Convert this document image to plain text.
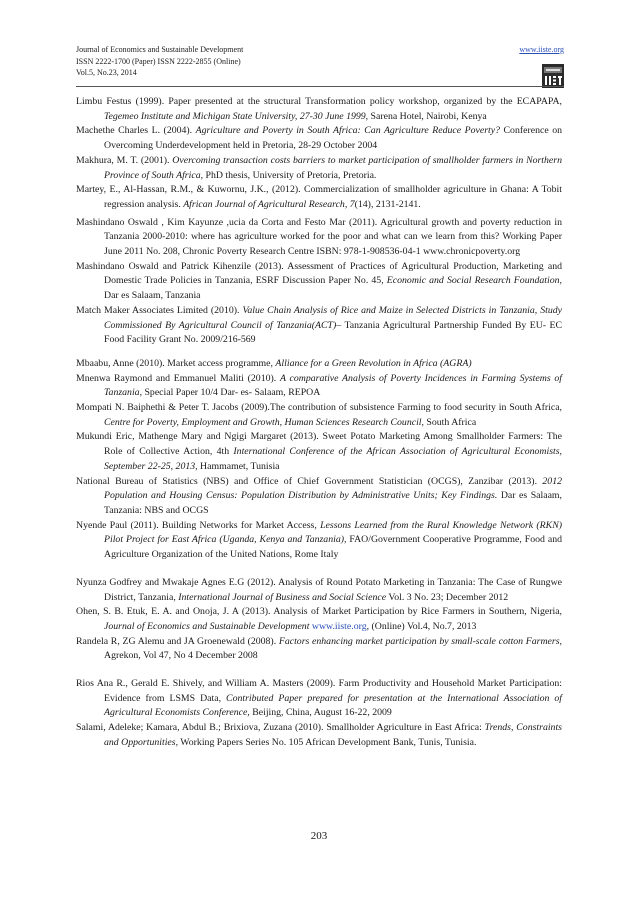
Journal of Economics and Sustainable Development
ISSN 2222-1700 (Paper) ISSN 2222-2855 (Online)
Vol.5, No.23, 2014
www.iiste.org

Limbu Festus (1999). Paper presented at the structural Transformation policy workshop, organized by the ECAPAPA, Tegemeo Institute and Michigan State University, 27-30 June 1999, Sarena Hotel, Nairobi, Kenya

Machethe Charles L. (2004). Agriculture and Poverty in South Africa: Can Agriculture Reduce Poverty? Conference on Overcoming Underdevelopment held in Pretoria, 28-29 October 2004

Makhura, M. T. (2001). Overcoming transaction costs barriers to market participation of smallholder farmers in Northern Province of South Africa, PhD thesis, University of Pretoria, Pretoria.

Martey, E., Al-Hassan, R.M., & Kuwornu, J.K., (2012). Commercialization of smallholder agriculture in Ghana: A Tobit regression analysis. African Journal of Agricultural Research, 7(14), 2131-2141.

Mashindano Oswald , Kim Kayunze ,ucia da Corta and Festo Mar (2011). Agricultural growth and poverty reduction in Tanzania 2000-2010: where has agriculture worked for the poor and what can we learn from this? Working Paper June 2011 No. 208, Chronic Poverty Research Centre ISBN: 978-1-908536-04-1 www.chronicpoverty.org

Mashindano Oswald and Patrick Kihenzile (2013). Assessment of Practices of Agricultural Production, Marketing and Domestic Trade Policies in Tanzania, ESRF Discussion Paper No. 45, Economic and Social Research Foundation, Dar es Salaam, Tanzania

Match Maker Associates Limited (2010). Value Chain Analysis of Rice and Maize in Selected Districts in Tanzania, Study Commissioned By Agricultural Council of Tanzania(ACT)– Tanzania Agricultural Partnership Funded By EU- EC Food Facility Grant No. 2009/216-569

Mbaabu, Anne (2010). Market access programme, Alliance for a Green Revolution in Africa (AGRA)

Mnenwa Raymond and Emmanuel Maliti (2010). A comparative Analysis of Poverty Incidences in Farming Systems of Tanzania, Special Paper 10/4 Dar- es- Salaam, REPOA

Mompati N. Baiphethi & Peter T. Jacobs (2009).The contribution of subsistence Farming to food security in South Africa, Centre for Poverty, Employment and Growth, Human Sciences Research Council, South Africa

Mukundi Eric, Mathenge Mary and Ngigi Margaret (2013). Sweet Potato Marketing Among Smallholder Farmers: The Role of Collective Action, 4th International Conference of the African Association of Agricultural Economists, September 22-25, 2013, Hammamet, Tunisia

National Bureau of Statistics (NBS) and Office of Chief Government Statistician (OCGS), Zanzibar (2013). 2012 Population and Housing Census: Population Distribution by Administrative Units; Key Findings. Dar es Salaam, Tanzania: NBS and OCGS

Nyende Paul (2011). Building Networks for Market Access, Lessons Learned from the Rural Knowledge Network (RKN) Pilot Project for East Africa (Uganda, Kenya and Tanzania), FAO/Government Cooperative Programme, Food and Agriculture Organization of the United Nations, Rome Italy

Nyunza Godfrey and Mwakaje Agnes E.G (2012). Analysis of Round Potato Marketing in Tanzania: The Case of Rungwe District, Tanzania, International Journal of Business and Social Science Vol. 3 No. 23; December 2012

Ohen, S. B. Etuk, E. A. and Onoja, J. A (2013). Analysis of Market Participation by Rice Farmers in Southern, Nigeria, Journal of Economics and Sustainable Development www.iiste.org, (Online) Vol.4, No.7, 2013

Randela R, ZG Alemu and JA Groenewald (2008). Factors enhancing market participation by small-scale cotton Farmers, Agrekon, Vol 47, No 4 December 2008

Rios Ana R., Gerald E. Shively, and William A. Masters (2009). Farm Productivity and Household Market Participation: Evidence from LSMS Data, Contributed Paper prepared for presentation at the International Association of Agricultural Economists Conference, Beijing, China, August 16-22, 2009

Salami, Adeleke; Kamara, Abdul B.; Brixiova, Zuzana (2010). Smallholder Agriculture in East Africa: Trends, Constraints and Opportunities, Working Papers Series No. 105 African Development Bank, Tunis, Tunisia.

203
